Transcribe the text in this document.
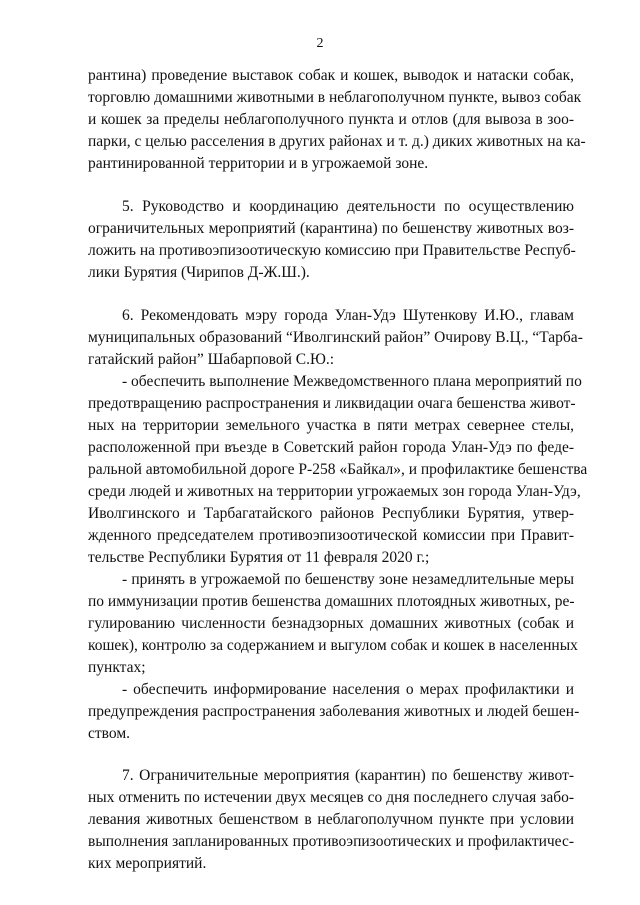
2
рантина) проведение выставок собак и кошек, выводок и натаски собак,
торговлю домашними животными в неблагополучном пункте, вывоз собак
и кошек за пределы неблагополучного пункта и отлов (для вывоза в зоо-
парки, с целью расселения в других районах и т. д.) диких животных на ка-
рантинированной территории и в угрожаемой зоне.
5. Руководство и координацию деятельности по осуществлению
ограничительных мероприятий (карантина) по бешенству животных воз-
ложить на противоэпизоотическую комиссию при Правительстве Респуб-
лики Бурятия (Чирипов Д-Ж.Ш.).
6. Рекомендовать мэру города Улан-Удэ Шутенкову И.Ю., главам
муниципальных образований “Иволгинский район” Очирову В.Ц., “Тарба-
гатайский район” Шабарповой С.Ю.:
- обеспечить выполнение Межведомственного плана мероприятий по
предотвращению распространения и ликвидации очага бешенства живот-
ных на территории земельного участка в пяти метрах севернее стелы,
расположенной при въезде в Советский район города Улан-Удэ по феде-
ральной автомобильной дороге Р-258 «Байкал», и профилактике бешенства
среди людей и животных на территории угрожаемых зон города Улан-Удэ,
Иволгинского и Тарбагатайского районов Республики Бурятия, утвер-
жденного председателем противоэпизоотической комиссии при Правит-
тельстве Республики Бурятия от 11 февраля 2020 г.;
- принять в угрожаемой по бешенству зоне незамедлительные меры
по иммунизации против бешенства домашних плотоядных животных, ре-
гулированию численности безнадзорных домашних животных (собак и
кошек), контролю за содержанием и выгулом собак и кошек в населенных
пунктах;
- обеспечить информирование населения о мерах профилактики и
предупреждения распространения заболевания животных и людей бешен-
ством.
7. Ограничительные мероприятия (карантин) по бешенству живот-
ных отменить по истечении двух месяцев со дня последнего случая забо-
левания животных бешенством в неблагополучном пункте при условии
выполнения запланированных противоэпизоотических и профилактичес-
ких мероприятий.
